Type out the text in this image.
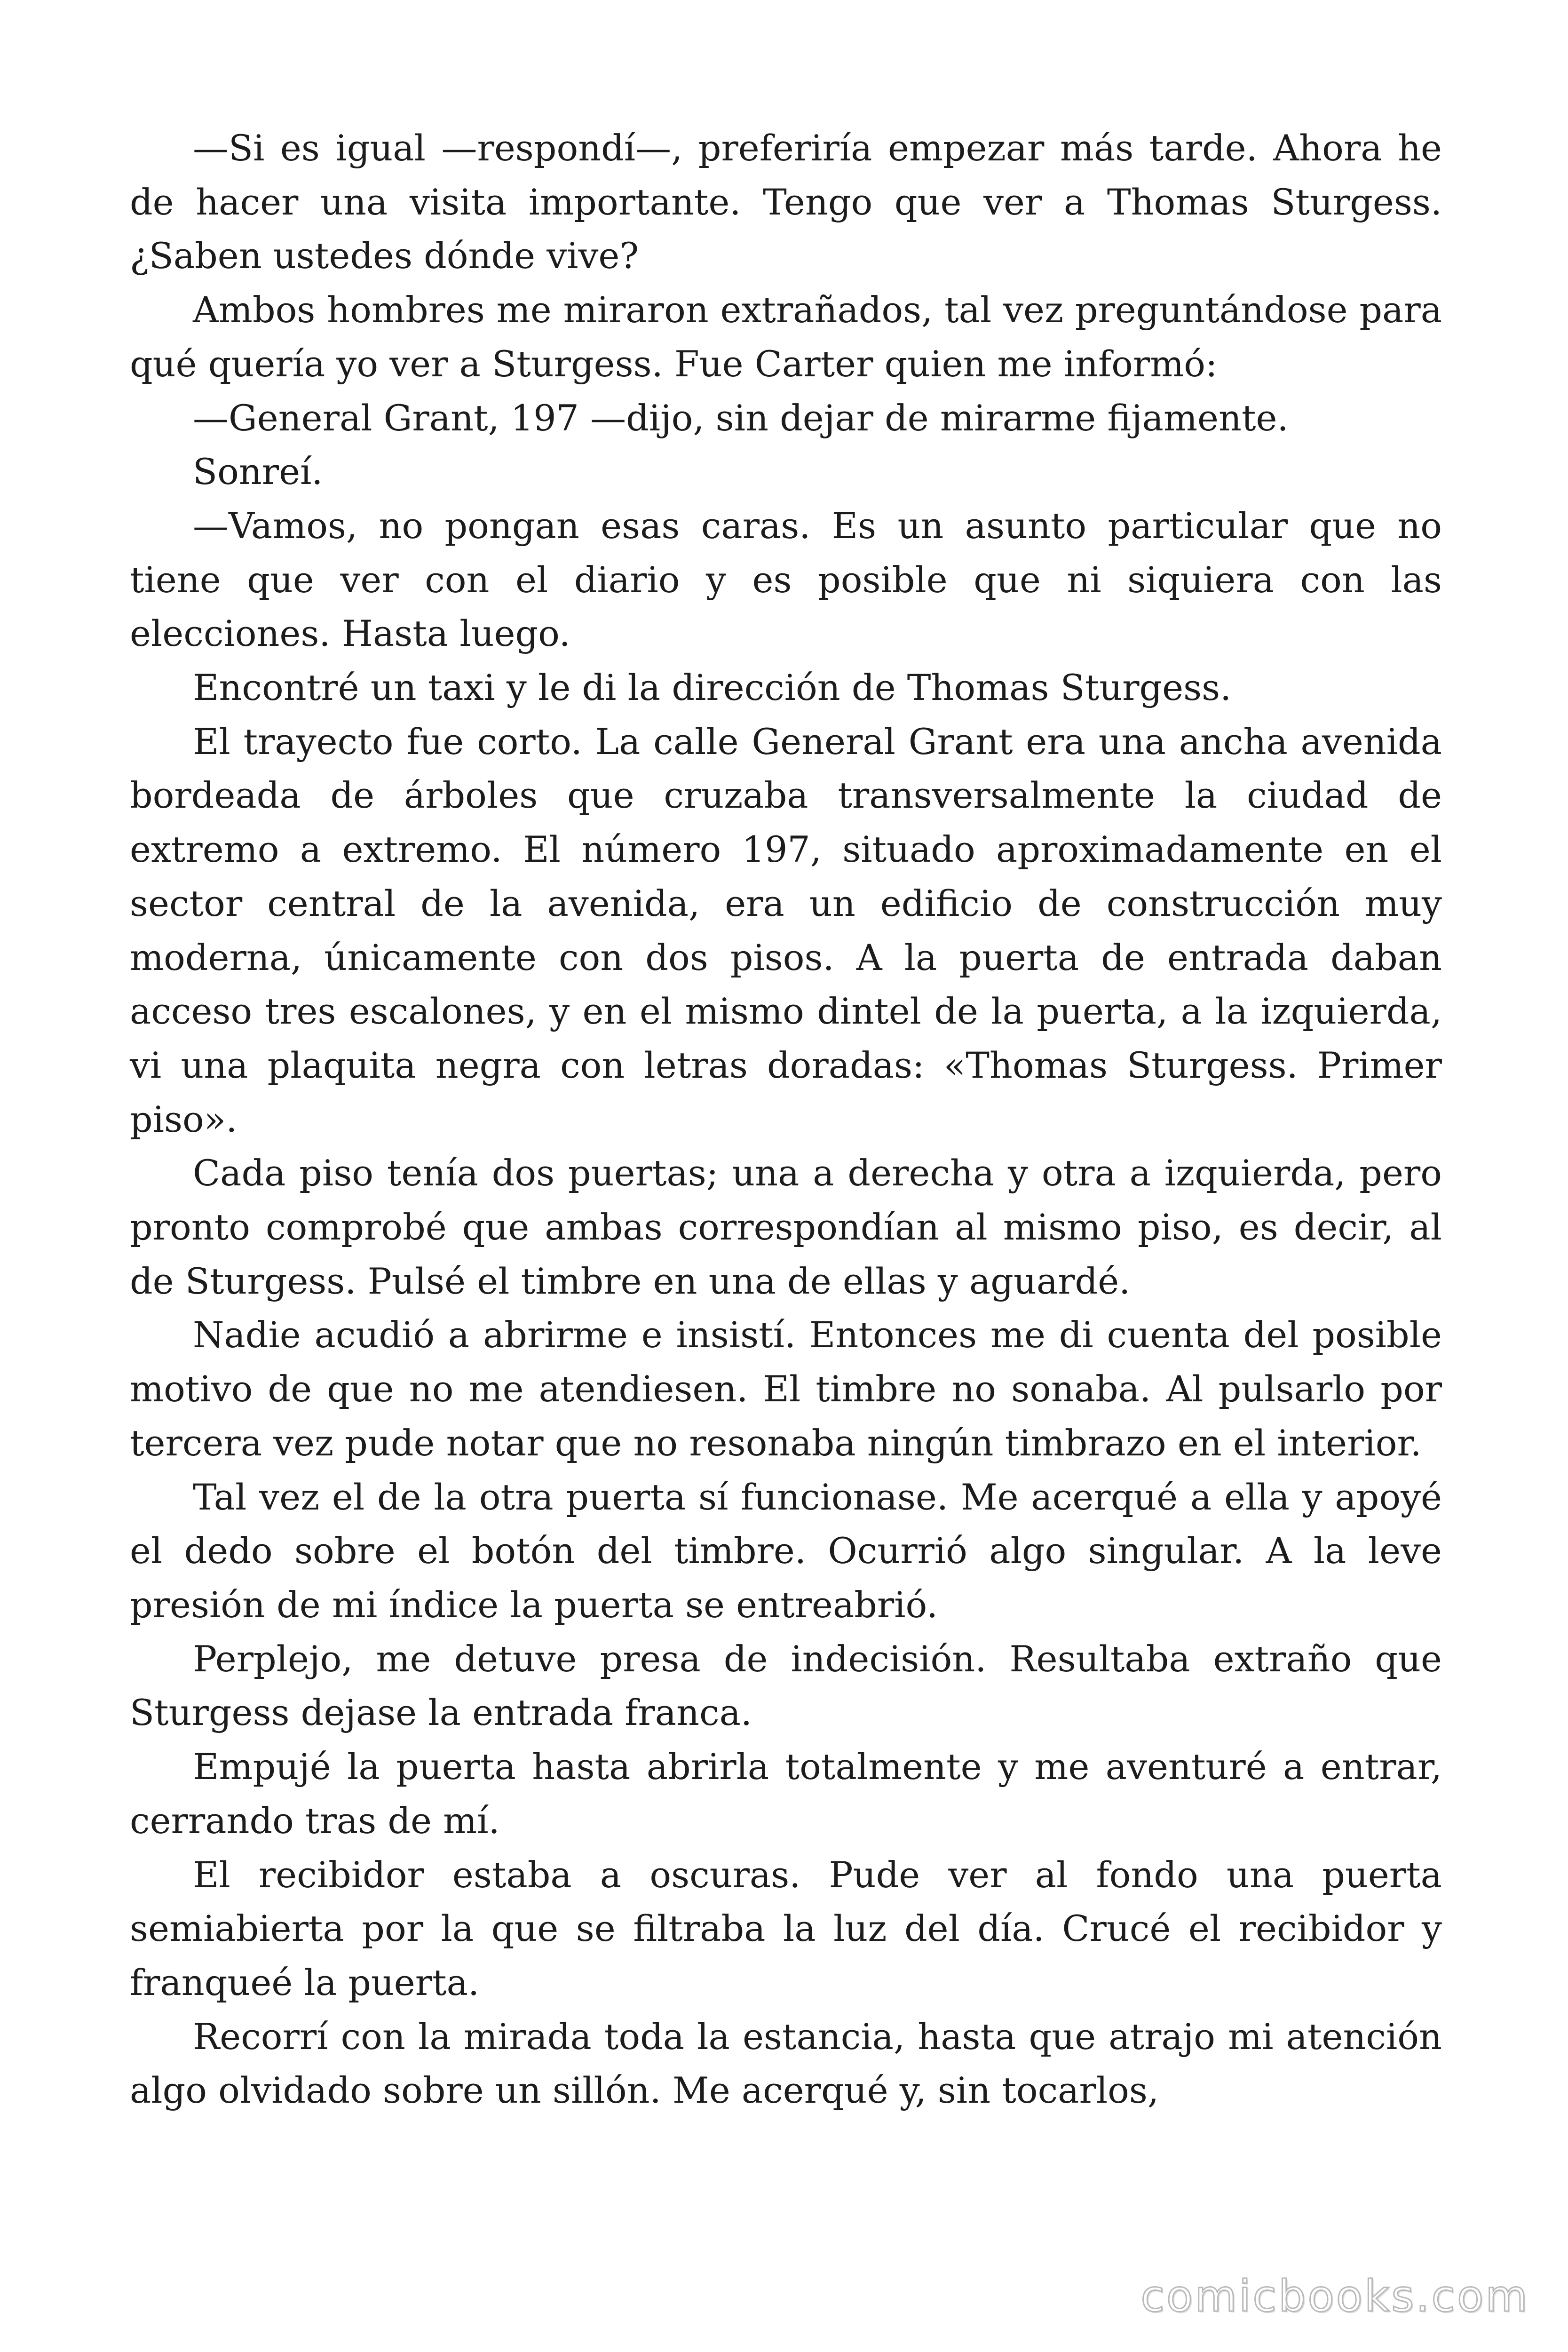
—Si es igual —respondí—, preferiría empezar más tarde. Ahora he de hacer una visita importante. Tengo que ver a Thomas Sturgess. ¿Saben ustedes dónde vive?

Ambos hombres me miraron extrañados, tal vez preguntándose para qué quería yo ver a Sturgess. Fue Carter quien me informó:

—General Grant, 197 —dijo, sin dejar de mirarme fijamente.

Sonreí.

—Vamos, no pongan esas caras. Es un asunto particular que no tiene que ver con el diario y es posible que ni siquiera con las elecciones. Hasta luego.

Encontré un taxi y le di la dirección de Thomas Sturgess.

El trayecto fue corto. La calle General Grant era una ancha avenida bordeada de árboles que cruzaba transversalmente la ciudad de extremo a extremo. El número 197, situado aproximadamente en el sector central de la avenida, era un edificio de construcción muy moderna, únicamente con dos pisos. A la puerta de entrada daban acceso tres escalones, y en el mismo dintel de la puerta, a la izquierda, vi una plaquita negra con letras doradas: «Thomas Sturgess. Primer piso».

Cada piso tenía dos puertas; una a derecha y otra a izquierda, pero pronto comprobé que ambas correspondían al mismo piso, es decir, al de Sturgess. Pulsé el timbre en una de ellas y aguardé.

Nadie acudió a abrirme e insistí. Entonces me di cuenta del posible motivo de que no me atendiesen. El timbre no sonaba. Al pulsarlo por tercera vez pude notar que no resonaba ningún timbrazo en el interior.

Tal vez el de la otra puerta sí funcionase. Me acerqué a ella y apoyé el dedo sobre el botón del timbre. Ocurrió algo singular. A la leve presión de mi índice la puerta se entreabrió.

Perplejo, me detuve presa de indecisión. Resultaba extraño que Sturgess dejase la entrada franca.

Empujé la puerta hasta abrirla totalmente y me aventuré a entrar, cerrando tras de mí.

El recibidor estaba a oscuras. Pude ver al fondo una puerta semiabierta por la que se filtraba la luz del día. Crucé el recibidor y franqueé la puerta.

Recorrí con la mirada toda la estancia, hasta que atrajo mi atención algo olvidado sobre un sillón. Me acerqué y, sin tocarlos,

comicbooks.com
